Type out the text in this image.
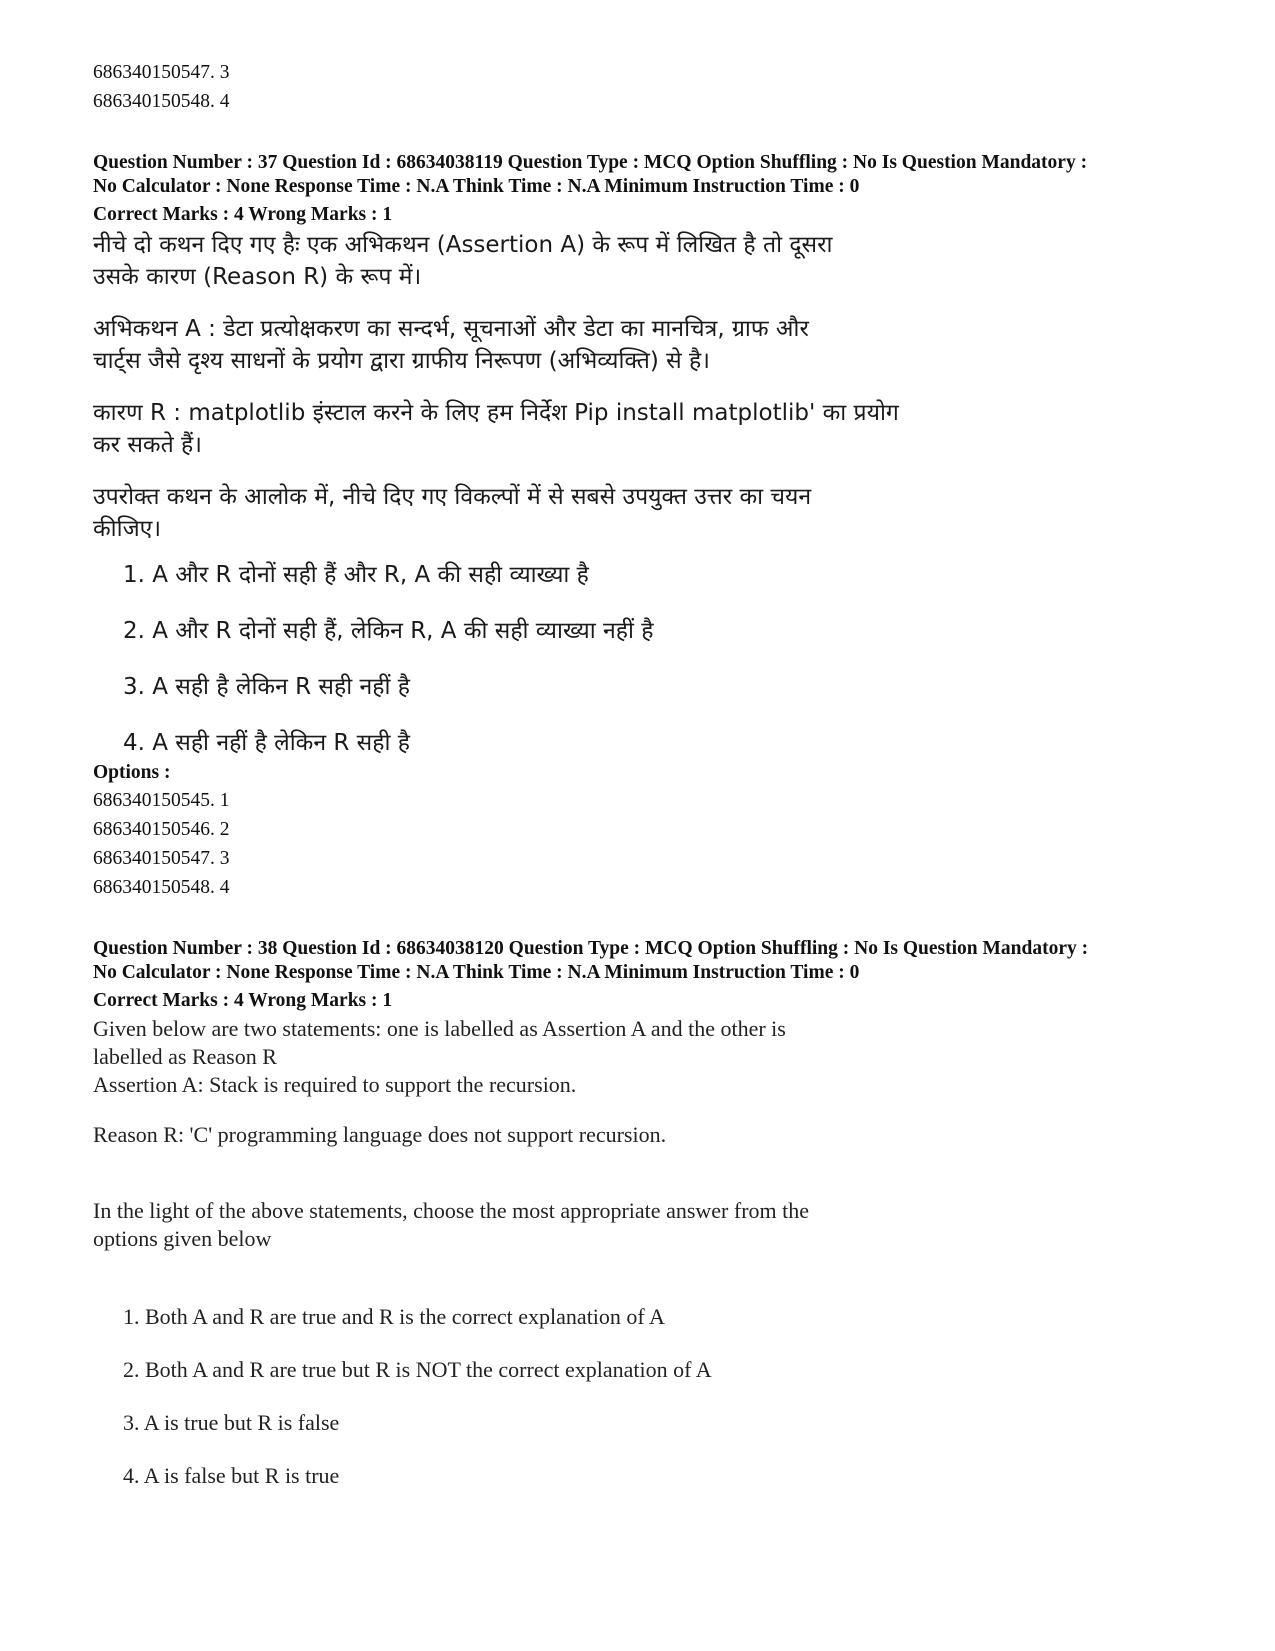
686340150547. 3
686340150548. 4
Question Number : 37 Question Id : 68634038119 Question Type : MCQ Option Shuffling : No Is Question Mandatory :
No Calculator : None Response Time : N.A Think Time : N.A Minimum Instruction Time : 0
Correct Marks : 4 Wrong Marks : 1
नीचे दो कथन दिए गए हैः एक अभिकथन (Assertion A) के रूप में लिखित है तो दूसरा
उसके कारण (Reason R) के रूप में।
अभिकथन A : डेटा प्रत्योक्षकरण का सन्दर्भ, सूचनाओं और डेटा का मानचित्र, ग्राफ और
चार्ट्स जैसे दृश्य साधनों के प्रयोग द्वारा ग्राफीय निरूपण (अभिव्यक्ति) से है।
कारण R : matplotlib इंस्टाल करने के लिए हम निर्देश Pip install matplotlib' का प्रयोग
कर सकते हैं।
उपरोक्त कथन के आलोक में, नीचे दिए गए विकल्पों में से सबसे उपयुक्त उत्तर का चयन
कीजिए।
1. A और R दोनों सही हैं और R, A की सही व्याख्या है
2. A और R दोनों सही हैं, लेकिन R, A की सही व्याख्या नहीं है
3. A सही है लेकिन R सही नहीं है
4. A सही नहीं है लेकिन R सही है
Options :
686340150545. 1
686340150546. 2
686340150547. 3
686340150548. 4
Question Number : 38 Question Id : 68634038120 Question Type : MCQ Option Shuffling : No Is Question Mandatory :
No Calculator : None Response Time : N.A Think Time : N.A Minimum Instruction Time : 0
Correct Marks : 4 Wrong Marks : 1
Given below are two statements: one is labelled as Assertion A and the other is
labelled as Reason R
Assertion A: Stack is required to support the recursion.
Reason R: 'C' programming language does not support recursion.
In the light of the above statements, choose the most appropriate answer from the
options given below
1. Both A and R are true and R is the correct explanation of A
2. Both A and R are true but R is NOT the correct explanation of A
3. A is true but R is false
4. A is false but R is true
